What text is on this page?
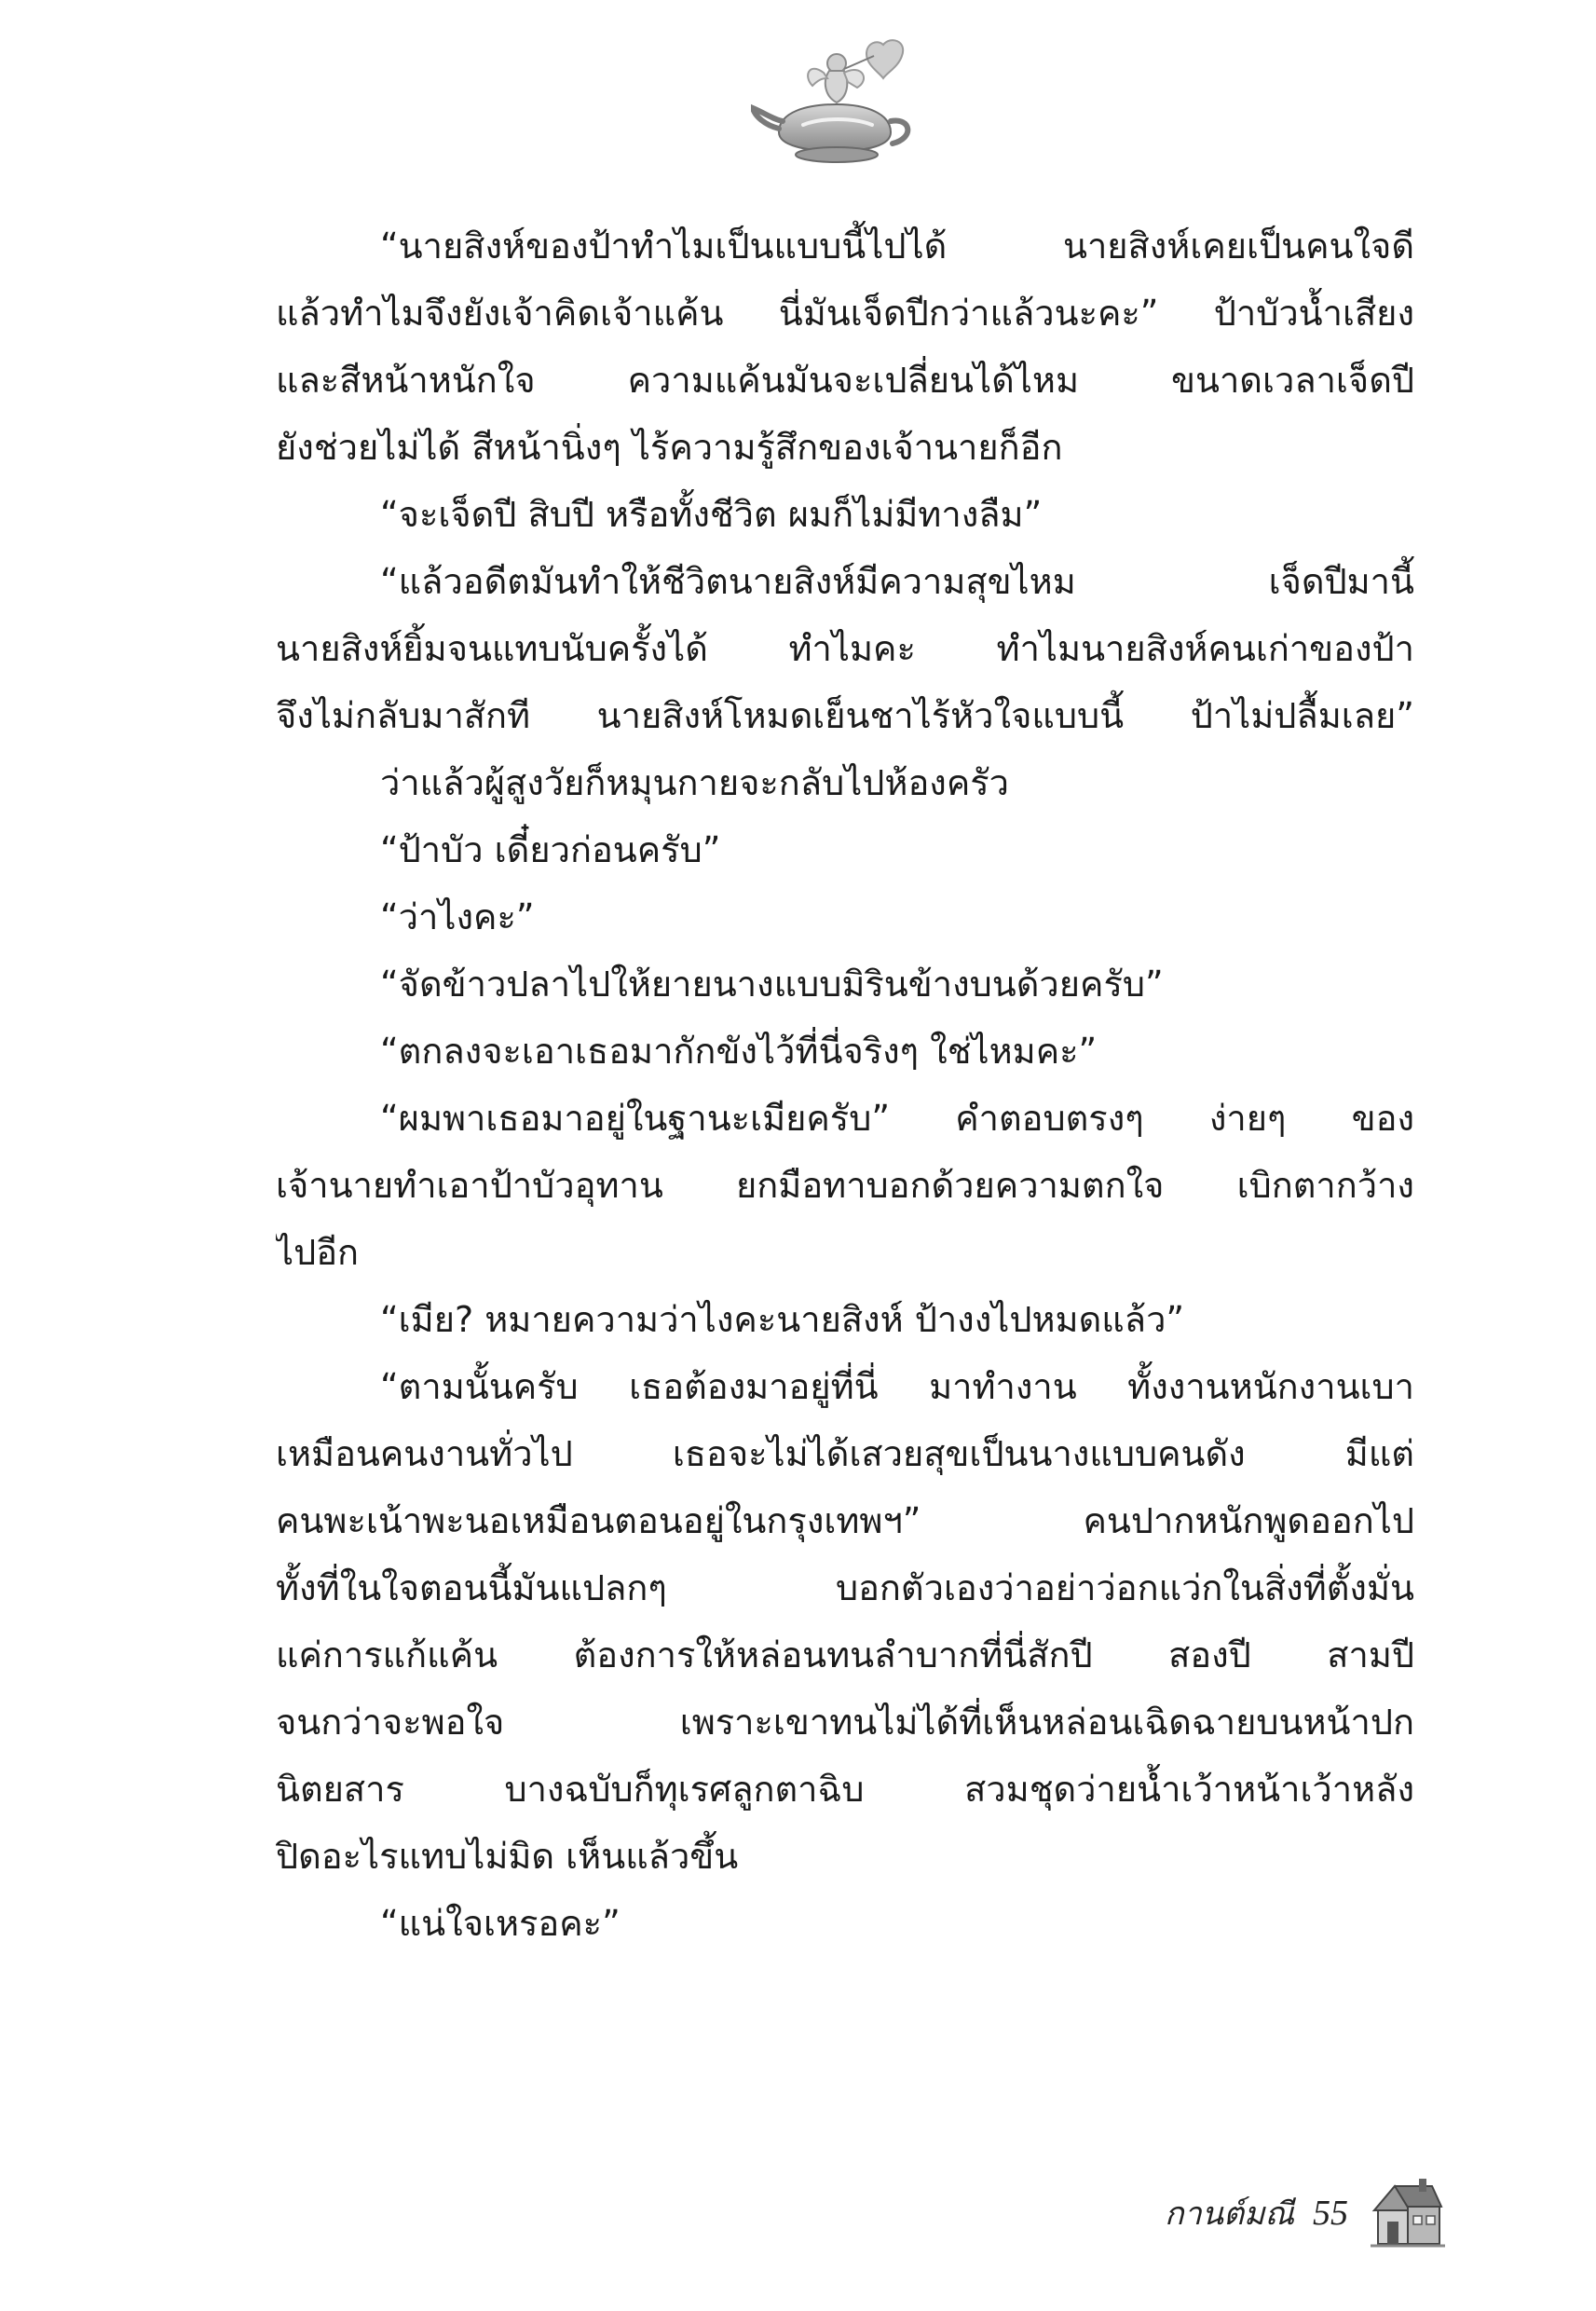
“นายสิงห์ของป้าทำไมเป็นแบบนี้ไปได้ นายสิงห์เคยเป็นคนใจดี
แล้วทำไมจึงยังเจ้าคิดเจ้าแค้น นี่มันเจ็ดปีกว่าแล้วนะคะ” ป้าบัวน้ำเสียง
และสีหน้าหนักใจ ความแค้นมันจะเปลี่ยนได้ไหม ขนาดเวลาเจ็ดปี
ยังช่วยไม่ได้ สีหน้านิ่งๆ ไร้ความรู้สึกของเจ้านายก็อีก
“จะเจ็ดปี สิบปี หรือทั้งชีวิต ผมก็ไม่มีทางลืม”
“แล้วอดีตมันทำให้ชีวิตนายสิงห์มีความสุขไหม เจ็ดปีมานี้
นายสิงห์ยิ้มจนแทบนับครั้งได้ ทำไมคะ ทำไมนายสิงห์คนเก่าของป้า
จึงไม่กลับมาสักที นายสิงห์โหมดเย็นชาไร้หัวใจแบบนี้ ป้าไม่ปลื้มเลย”
ว่าแล้วผู้สูงวัยก็หมุนกายจะกลับไปห้องครัว
“ป้าบัว เดี๋ยวก่อนครับ”
“ว่าไงคะ”
“จัดข้าวปลาไปให้ยายนางแบบมิรินข้างบนด้วยครับ”
“ตกลงจะเอาเธอมากักขังไว้ที่นี่จริงๆ ใช่ไหมคะ”
“ผมพาเธอมาอยู่ในฐานะเมียครับ” คำตอบตรงๆ ง่ายๆ ของ
เจ้านายทำเอาป้าบัวอุทาน ยกมือทาบอกด้วยความตกใจ เบิกตากว้าง
ไปอีก
“เมีย? หมายความว่าไงคะนายสิงห์ ป้างงไปหมดแล้ว”
“ตามนั้นครับ เธอต้องมาอยู่ที่นี่ มาทำงาน ทั้งงานหนักงานเบา
เหมือนคนงานทั่วไป เธอจะไม่ได้เสวยสุขเป็นนางแบบคนดัง มีแต่
คนพะเน้าพะนอเหมือนตอนอยู่ในกรุงเทพฯ” คนปากหนักพูดออกไป
ทั้งที่ในใจตอนนี้มันแปลกๆ บอกตัวเองว่าอย่าว่อกแว่กในสิ่งที่ตั้งมั่น
แค่การแก้แค้น ต้องการให้หล่อนทนลำบากที่นี่สักปี สองปี สามปี
จนกว่าจะพอใจ เพราะเขาทนไม่ได้ที่เห็นหล่อนเฉิดฉายบนหน้าปก
นิตยสาร บางฉบับก็ทุเรศลูกตาฉิบ สวมชุดว่ายน้ำเว้าหน้าเว้าหลัง
ปิดอะไรแทบไม่มิด เห็นแล้วขึ้น
“แน่ใจเหรอคะ”
กานต์มณี 55
